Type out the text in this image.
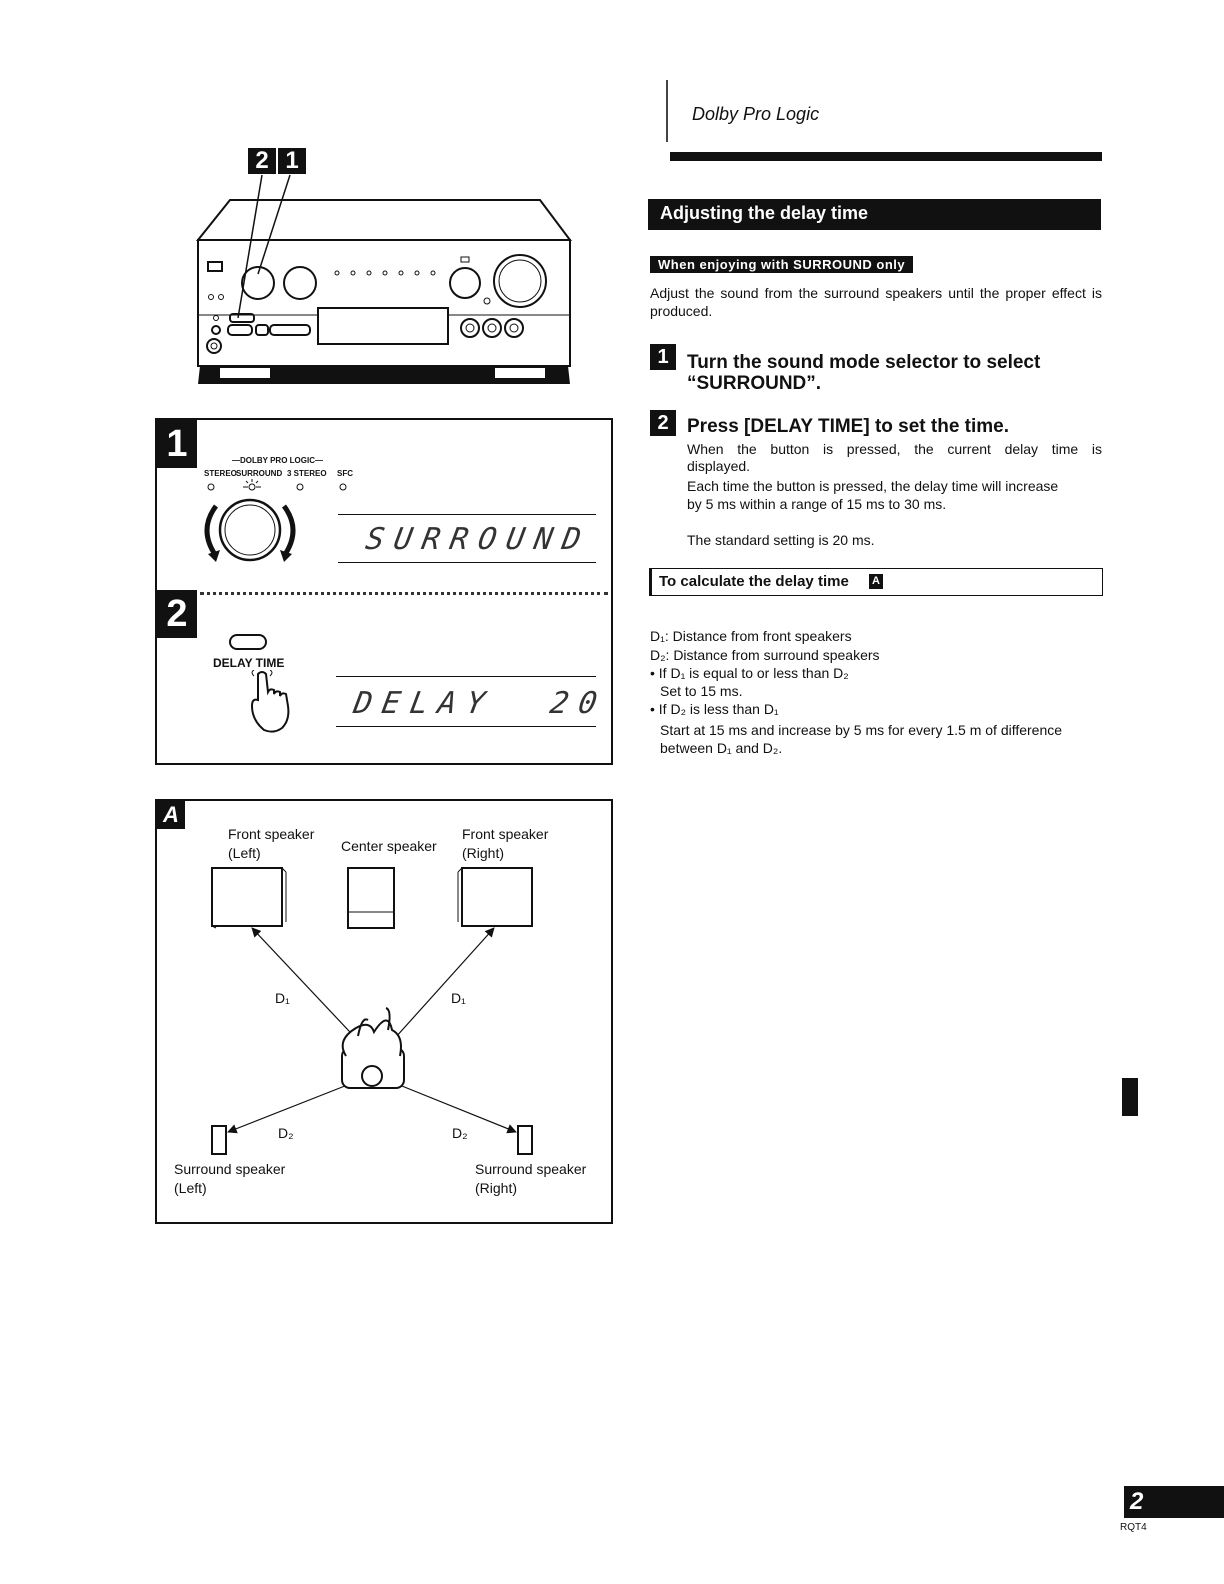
Dolby Pro Logic
2 1
1	—DOLBY PRO LOGIC—
STEREO SURROUND 3 STEREO SFC
SURROUND
2
DELAY TIME
DELAY  20
A
Front speaker
(Left)	Center speaker
Front speaker
(Right)
D₁	D₁
D₂	D₂
Surround speaker
(Left)
Surround speaker
(Right)
Adjusting the delay time
When enjoying with SURROUND only
Adjust the sound from the surround speakers until the proper effect is produced.
1 Turn the sound mode selector to select
“SURROUND”.
2 Press [DELAY TIME] to set the time.
When the button is pressed, the current delay time is
displayed.
Each time the button is pressed, the delay time will increase
by 5 ms within a range of 15 ms to 30 ms.
The standard setting is 20 ms.
To calculate the delay time A
D₁: Distance from front speakers
D₂: Distance from surround speakers
• If D₁ is equal to or less than D₂
Set to 15 ms.
• If D₂ is less than D₁
Start at 15 ms and increase by 5 ms for every 1.5 m of difference
between D₁ and D₂.
2
RQT4
